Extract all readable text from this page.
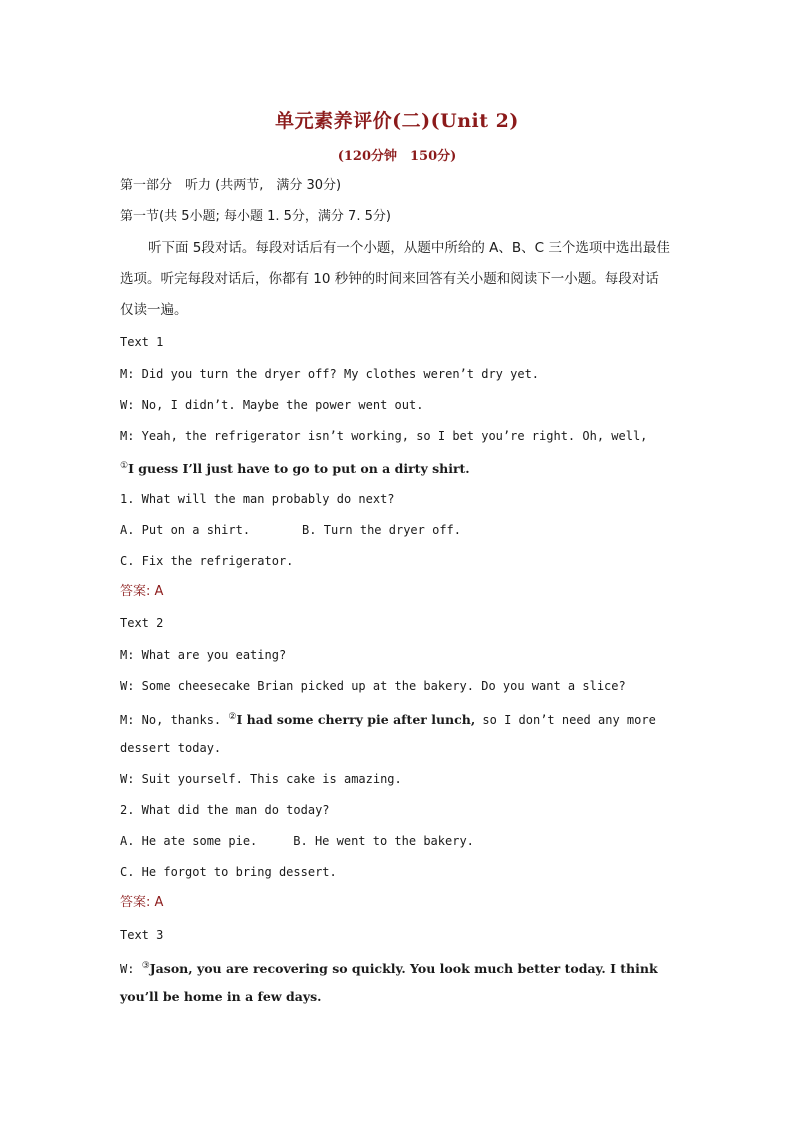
单元素养评价(二)(Unit 2)
(120分钟　150分)
第一部分　听力 (共两节,　满分 30分)
第一节(共 5小题; 每小题 1. 5分，满分 7. 5分)
听下面 5段对话。每段对话后有一个小题，从题中所给的 A、B、C 三个选项中选出最佳
选项。听完每段对话后，你都有 10 秒钟的时间来回答有关小题和阅读下一小题。每段对话
仅读一遍。
Text 1
M: Did you turn the dryer off? My clothes weren’t dry yet.
W: No, I didn’t. Maybe the power went out.
M: Yeah, the refrigerator isn’t working, so I bet you’re right. Oh, well,
①I guess I’ll just have to go to put on a dirty shirt.
1. What will the man probably do next?
A. Put on a shirt.	B. Turn the dryer off.
C. Fix the refrigerator.
答案: A
Text 2
M: What are you eating?
W: Some cheesecake Brian picked up at the bakery. Do you want a slice?
M: No, thanks. ②I had some cherry pie after lunch, so I don’t need any more
dessert today.
W: Suit yourself. This cake is amazing.
2. What did the man do today?
A. He ate some pie.	B. He went to the bakery.
C. He forgot to bring dessert.
答案: A
Text 3
W: ③Jason, you are recovering so quickly. You look much better today. I think
you’ll be home in a few days.
